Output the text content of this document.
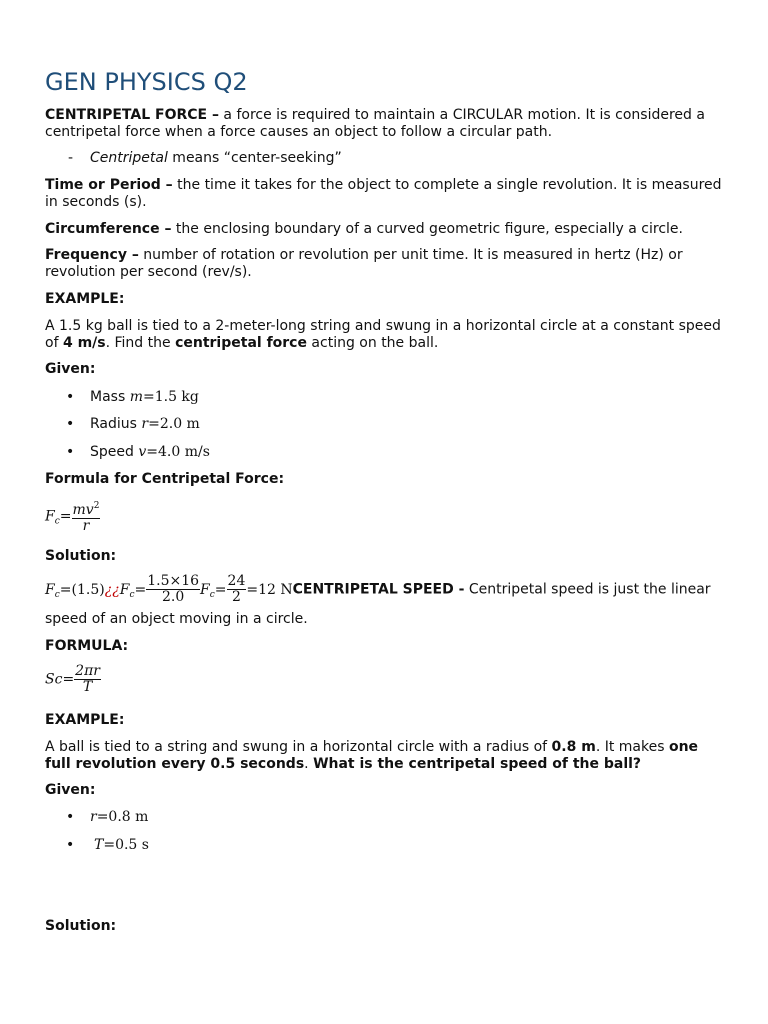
GEN PHYSICS Q2

CENTRIPETAL FORCE – a force is required to maintain a CIRCULAR motion. It is considered a centripetal force when a force causes an object to follow a circular path.

- Centripetal means “center-seeking”

Time or Period – the time it takes for the object to complete a single revolution. It is measured in seconds (s).

Circumference – the enclosing boundary of a curved geometric figure, especially a circle.

Frequency – number of rotation or revolution per unit time. It is measured in hertz (Hz) or revolution per second (rev/s).

EXAMPLE:

A 1.5 kg ball is tied to a 2-meter-long string and swung in a horizontal circle at a constant speed of 4 m/s. Find the centripetal force acting on the ball.

Given:

• Mass m=1.5 kg
• Radius r=2.0 m
• Speed v=4.0 m/s

Formula for Centripetal Force:

$F_c= \frac{mv^2}{r}$

Solution:

$F_c=(1.5)¿¿F_c= \frac{1.5\times 16}{2.0} F_c= \frac{24}{2} =12$ NCENTRIPETAL SPEED - Centripetal speed is just the linear

speed of an object moving in a circle.

FORMULA:

$Sc= \frac{2\pi r}{T}$

EXAMPLE:

A ball is tied to a string and swung in a horizontal circle with a radius of 0.8 m. It makes one full revolution every 0.5 seconds. What is the centripetal speed of the ball?

Given:

• r=0.8 m
• T=0.5 s

Solution:
